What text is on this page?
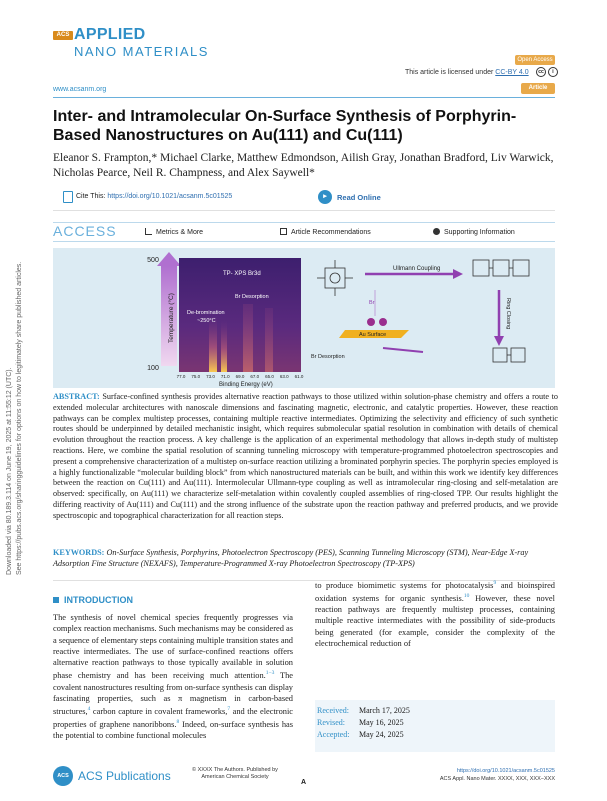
ACS APPLIED
NANO MATERIALS
Open Access
This article is licensed under CC-BY 4.0	cc	i
www.acsanm.org	Article
Inter- and Intramolecular On-Surface Synthesis of Porphyrin-Based Nanostructures on Au(111) and Cu(111)
Eleanor S. Frampton,* Michael Clarke, Matthew Edmondson, Ailish Gray, Jonathan Bradford, Liv Warwick, Nicholas Pearce, Neil R. Champness, and Alex Saywell*
Cite This: https://doi.org/10.1021/acsanm.5c01525	▸	Read Online
ACCESS	Metrics & More	Article Recommendations	Supporting Information
Temperature (°C)
500
100
TP- XPS Br3d
Br Desorption
De-bromination
~250°C
77.0 75.0 73.0 71.0 69.0 67.0 65.0 63.0 61.0
Binding Energy (eV)
Ullmann Coupling
Ring Closing
Br
Au Surface
Br Desorption
ABSTRACT: Surface-confined synthesis provides alternative reaction pathways to those utilized within solution-phase chemistry and offers a route to extended molecular architectures with nanoscale dimensions and fascinating magnetic, electronic, and catalytic properties. However, these reaction pathways can be complex multistep processes, containing multiple reactive intermediates. Optimizing the selectivity and efficiency of such synthetic routes should be underpinned by detailed mechanistic insight, which requires submolecular spatial resolution in combination with details of chemical evolution throughout the reaction process. A key challenge is the application of an experimental methodology that allows in-depth study of multistep reactions. Here, we combine the spatial resolution of scanning tunneling microscopy with temperature-programmed photoelectron spectroscopies and present a comprehensive characterization of a multistep on-surface reaction utilizing a brominated porphyrin species. The porphyrin species employed is a highly functionalizable “molecular building block” from which nanostructured materials can be built, and within this work we identify key differences between the reaction on Cu(111) and Au(111). Intermolecular Ullmann-type coupling as well as intramolecular ring-closing and self-metalation are observed: specifically, on Au(111) we characterize self-metalation within covalently coupled assemblies of ring-closed TPP. Our results highlight the differing reactivity of Au(111) and Cu(111) and the strong influence of the substrate upon the reaction pathway and preferred products, and we provide spectroscopic and topographical characterization for all reaction steps.
KEYWORDS: On-Surface Synthesis, Porphyrins, Photoelectron Spectroscopy (PES), Scanning Tunneling Microscopy (STM), Near-Edge X-ray Adsorption Fine Structure (NEXAFS), Temperature-Programmed X-ray Photoelectron Spectroscopy (TP-XPS)
Downloaded via 80.189.3.114 on June 19, 2025 at 11:55:12 (UTC). See https://pubs.acs.org/sharingguidelines for options on how to legitimately share published articles.
INTRODUCTION
The synthesis of novel chemical species frequently progresses via complex reaction mechanisms. Such mechanisms may be considered as a sequence of elementary steps containing multiple transition states and reactive intermediates. The use of surface-confined reactions offers alternative reaction pathways to those typically available in solution phase chemistry and has been receiving much attention.$^{1-3}$ The covalent nanostructures resulting from on-surface synthesis can display fascinating properties, such as π magnetism in carbon-based structures,$^4$ carbon capture in covalent frameworks,$^7$ and the electronic properties of graphene nanoribbons.$^8$ Indeed, on-surface synthesis has the potential to combine functional molecules
to produce biomimetic systems for photocatalysis$^9$ and bioinspired oxidation systems for organic synthesis.$^{10}$ However, these novel reaction pathways are frequently multistep processes, containing multiple reactive intermediates with the possibility of side-products being generated (for example, consider the complexity of the electrochemical reduction of
Received: March 17, 2025
Revised: May 16, 2025
Accepted: May 24, 2025
ACS ACS Publications	© XXXX The Authors. Published by
American Chemical Society
A
https://doi.org/10.1021/acsanm.5c01525
ACS Appl. Nano Mater. XXXX, XXX, XXX−XXX
